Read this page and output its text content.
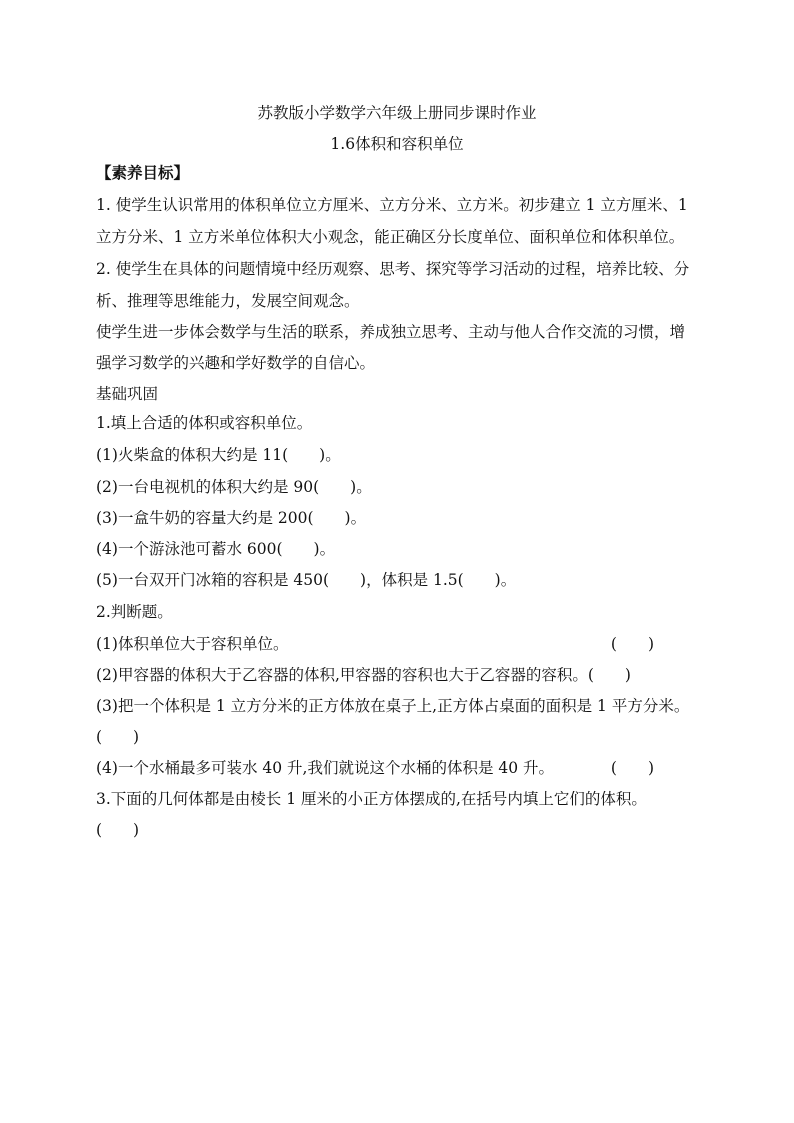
苏教版小学数学六年级上册同步课时作业
1.6体积和容积单位
【素养目标】
1. 使学生认识常用的体积单位立方厘米、立方分米、立方米。初步建立 1 立方厘米、1
立方分米、1 立方米单位体积大小观念，能正确区分长度单位、面积单位和体积单位。
2. 使学生在具体的问题情境中经历观察、思考、探究等学习活动的过程，培养比较、分
析、推理等思维能力，发展空间观念。
使学生进一步体会数学与生活的联系，养成独立思考、主动与他人合作交流的习惯，增
强学习数学的兴趣和学好数学的自信心。
基础巩固
1.填上合适的体积或容积单位。
(1)火柴盒的体积大约是 11(　　)。
(2)一台电视机的体积大约是 90(　　)。
(3)一盒牛奶的容量大约是 200(　　)。
(4)一个游泳池可蓄水 600(　　)。
(5)一台双开门冰箱的容积是 450(　　)，体积是 1.5(　　)。
2.判断题。
(1)体积单位大于容积单位。	(　　)
(2)甲容器的体积大于乙容器的体积,甲容器的容积也大于乙容器的容积。(　　)
(3)把一个体积是 1 立方分米的正方体放在桌子上,正方体占桌面的面积是 1 平方分米。
(　　)
(4)一个水桶最多可装水 40 升,我们就说这个水桶的体积是 40 升。	(　　)
3.下面的几何体都是由棱长 1 厘米的小正方体摆成的,在括号内填上它们的体积。
(　　)
